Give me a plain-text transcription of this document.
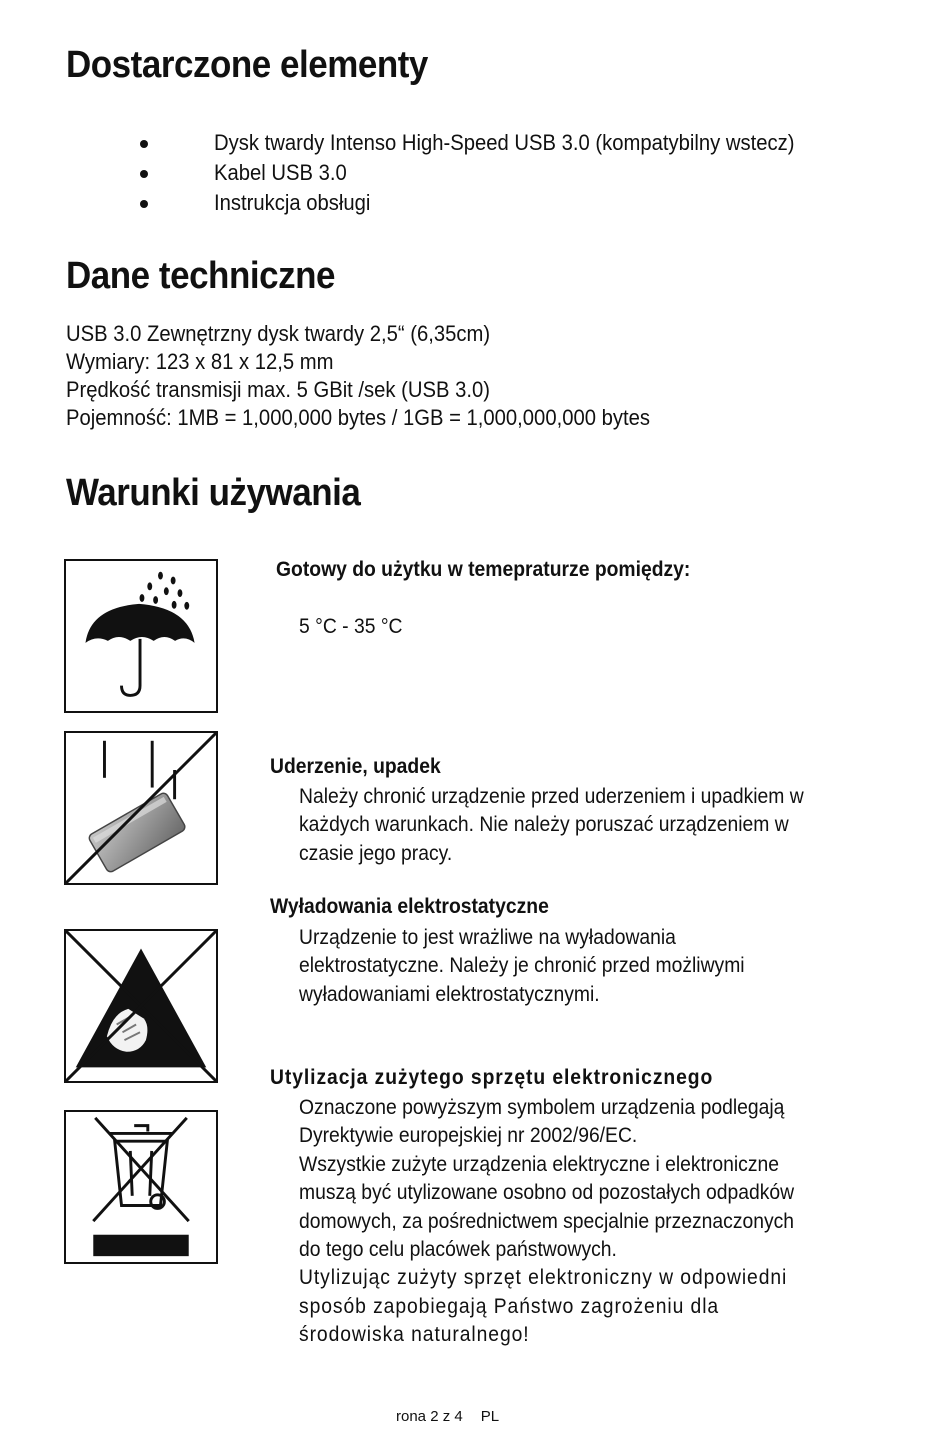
Dostarczone elementy
Dysk twardy Intenso High-Speed USB 3.0 (kompatybilny wstecz)
Kabel USB 3.0
Instrukcja obsługi
Dane techniczne
USB 3.0 Zewnętrzny dysk twardy 2,5“ (6,35cm)
Wymiary: 123 x 81 x 12,5 mm
Prędkość transmisji max. 5 GBit /sek (USB 3.0)
Pojemność: 1MB = 1,000,000 bytes / 1GB = 1,000,000,000 bytes
Warunki używania
Gotowy do użytku w temepraturze pomiędzy:
5 °C - 35 °C
Uderzenie, upadek
Należy chronić urządzenie przed uderzeniem i upadkiem w
każdych warunkach. Nie należy poruszać urządzeniem w
czasie jego pracy.
Wyładowania elektrostatyczne
Urządzenie to jest wrażliwe na wyładowania
elektrostatyczne. Należy je chronić przed możliwymi
wyładowaniami elektrostatycznymi.
Utylizacja zużytego sprzętu elektronicznego
Oznaczone powyższym symbolem urządzenia podlegają
Dyrektywie europejskiej nr 2002/96/EC.
Wszystkie zużyte urządzenia elektryczne i elektroniczne
muszą być utylizowane osobno od pozostałych odpadków
domowych, za pośrednictwem specjalnie przeznaczonych
do tego celu placówek państwowych.
Utylizując zużyty sprzęt elektroniczny w odpowiedni
sposób zapobiegają Państwo zagrożeniu dla
środowiska naturalnego!
rona 2 z 4 PL
